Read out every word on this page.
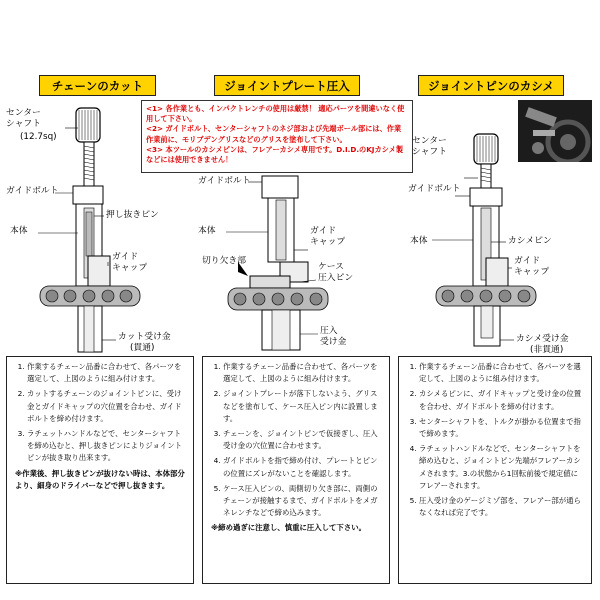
チェーンのカット	ジョイントプレート圧入	ジョイントピンのカシメ

<1> 各作業とも、インパクトレンチの使用は厳禁！ 適応パーツを間違いなく使用して下さい。

<2> ガイドボルト、センターシャフトのネジ部および先端ボール部には、作業作業前に、モリブデングリスなどのグリスを塗布して下さい。

<3> 本ツールのカシメピンは、フレアーカシメ専用です。D.I.D.のKJカシメ製などには使用できません！

センター
シャフト
(12.7sq)
ガイドボルト
押し抜きピン
本体
ガイド
キャップ
カット受け金
(貫通)
ガイドボルト
本体	ガイド
キャップ
切り欠き部
ケース
圧入ピン
圧入
受け金
センター
シャフト
ガイドボルト
本体	カシメピン
ガイド
キャップ
カシメ受け金
(非貫通)
1. 作業するチェーン品番に合わせて、各パーツを選定して、上図のように組み付けます。
2. カットするチェーンのジョイントピンに、受け金とガイドキャップの穴位置を合わせ、ガイドボルトを締め付けます。
3. ラチェットハンドルなどで、センターシャフトを締め込むと、押し抜きピンによりジョイントピンが抜き取り出来ます。
※作業後、押し抜きピンが抜けない時は、本体部分より、細身のドライバーなどで押し抜きます。
1. 作業するチェーン品番に合わせて、各パーツを選定して、上図のように組み付けます。
2. ジョイントプレートが落下しないよう、グリスなどを塗布して、ケース圧入ピン内に設置します。
3. チェーンを、ジョイントピンで仮接ぎし、圧入受け金の穴位置に合わせます。
4. ガイドボルトを指で締め付け、プレートとピンの位置にズレがないことを確認します。
5. ケース圧入ピンの、両側切り欠き部に、両側のチェーンが接触するまで、ガイドボルトをメガネレンチなどで締め込みます。
※締め過ぎに注意し、慎重に圧入して下さい。
1. 作業するチェーン品番に合わせて、各パーツを選定して、上図のように組み付けます。
2. カシメるピンに、ガイドキャップと受け金の位置を合わせ、ガイドボルトを締め付けます。
3. センターシャフトを、トルクが掛かる位置まで指で締めます。
4. ラチェットハンドルなどで、センターシャフトを締め込むと、ジョイントピン先端がフレアーカシメされます。3.の状態から1回転前後で規定値にフレアーされます。
5. 圧入受け金のゲージミゾ部を、フレアー部が通らなくなれば完了です。
